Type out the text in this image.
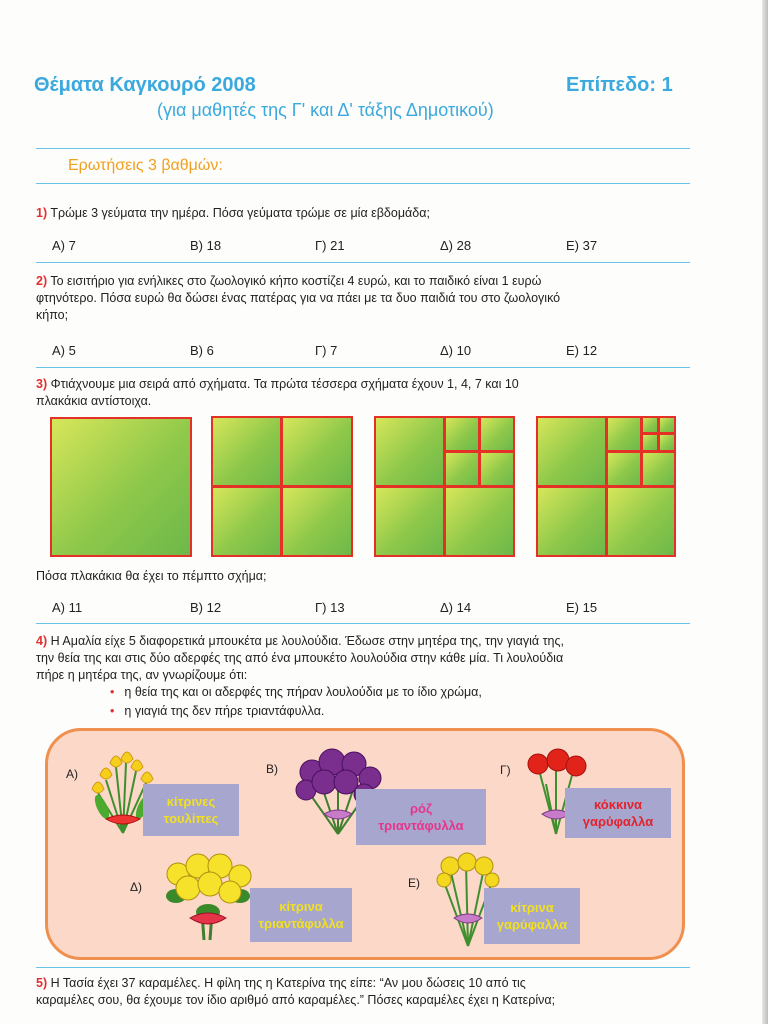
Θέματα Καγκουρό 2008	Επίπεδο: 1
(για μαθητές της Γ' και Δ' τάξης Δημοτικού)
Ερωτήσεις 3 βαθμών:
1) Τρώμε 3 γεύματα την ημέρα. Πόσα γεύματα τρώμε σε μία εβδομάδα;
Α) 7	Β) 18	Γ) 21	Δ) 28	Ε) 37
2) Το εισιτήριο για ενήλικες στο ζωολογικό κήπο κοστίζει 4 ευρώ, και το παιδικό είναι 1 ευρώ
φτηνότερο. Πόσα ευρώ θα δώσει ένας πατέρας για να πάει με τα δυο παιδιά του στο ζωολογικό
κήπο;
Α) 5	Β) 6	Γ) 7	Δ) 10	Ε) 12
3) Φτιάχνουμε μια σειρά από σχήματα. Τα πρώτα τέσσερα σχήματα έχουν 1, 4, 7 και 10
πλακάκια αντίστοιχα.
Πόσα πλακάκια θα έχει το πέμπτο σχήμα;
Α) 11	Β) 12	Γ) 13	Δ) 14	Ε) 15
4) Η Αμαλία είχε 5 διαφορετικά μπουκέτα με λουλούδια. Έδωσε στην μητέρα της, την γιαγιά της,
την θεία της και στις δύο αδερφές της από ένα μπουκέτο λουλούδια στην κάθε μία. Τι λουλούδια
πήρε η μητέρα της, αν γνωρίζουμε ότι:
• η θεία της και οι αδερφές της πήραν λουλούδια με το ίδιο χρώμα,
• η γιαγιά της δεν πήρε τριαντάφυλλα.
Α)
κίτρινες
τουλίπες
Β)
ρόζ
τριαντάφυλλα
Γ)
κόκκινα
γαρύφαλλα
Δ)
κίτρινα
τριαντάφυλλα
Ε)
κίτρινα
γαρύφαλλα
5) Η Τασία έχει 37 καραμέλες. Η φίλη της η Κατερίνα της είπε: “Αν μου δώσεις 10 από τις
καραμέλες σου, θα έχουμε τον ίδιο αριθμό από καραμέλες.” Πόσες καραμέλες έχει η Κατερίνα;
